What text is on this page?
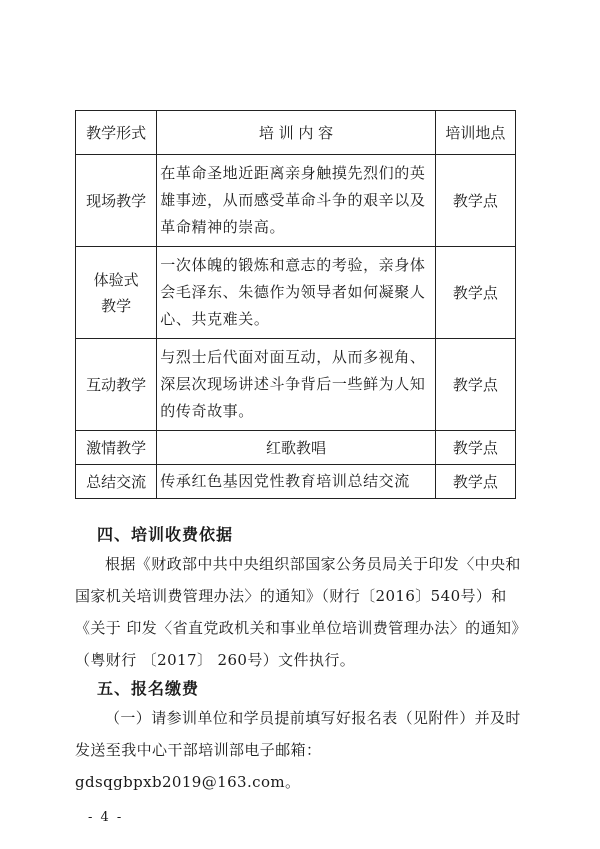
教学形式	培 训 内 容	培训地点
现场教学	在革命圣地近距离亲身触摸先烈们的英雄事迹，从而感受革命斗争的艰辛以及革命精神的崇高。	教学点

体验式
教学	一次体魄的锻炼和意志的考验，亲身体会毛泽东、朱德作为领导者如何凝聚人心、共克难关。	教学点
互动教学	与烈士后代面对面互动，从而多视角、深层次现场讲述斗争背后一些鲜为人知的传奇故事。	教学点
激情教学	红歌教唱	教学点
总结交流	传承红色基因党性教育培训总结交流	教学点
四、培训收费依据
根据《财政部中共中央组织部国家公务员局关于印发〈中央和 国家机关培训费管理办法〉的通知》（财行〔2016〕540号）和《关于 印发〈省直党政机关和事业单位培训费管理办法〉的通知》（粤财行 〔2017〕 260号）文件执行。
五、报名缴费
（一）请参训单位和学员提前填写好报名表（见附件）并及时发送至我中心干部培训部电子邮箱：gdsqgbpxb2019@163.com。
- 4 -
